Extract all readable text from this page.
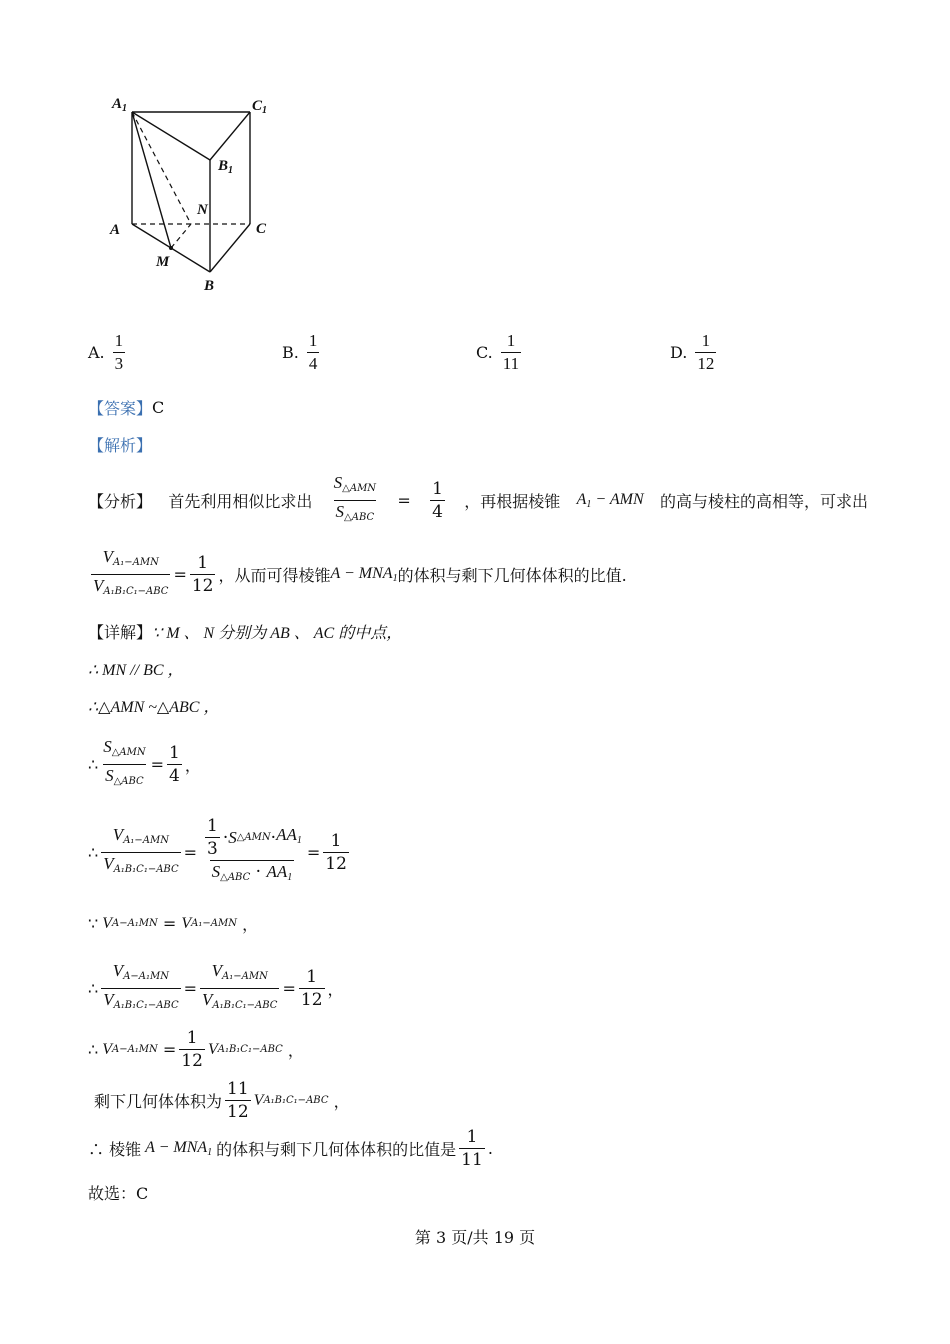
$A_1$	$C_1$
$B_1$
N
A	C
M
B
A. $\frac{1}{3}$	B. $\frac{1}{4}$	C. $\frac{1}{11}$	D. $\frac{1}{12}$
【答案】 C
【解析】
【分析】 首先利用相似比求出 $\frac{S_{\triangle AMN}}{S_{\triangle ABC}} = \frac{1}{4}$ ，再根据棱锥 $A_1$ − AMN 的高与棱柱的高相等，可求出
$\frac{V_{A_1-AMN}}{V_{A_1B_1C_1-ABC}} = \frac{1}{12}$ ，从而可得棱锥 $A - MNA_1$ 的体积与剩下几何体体积的比值.
【详解】 ∵ M 、 N 分别为 AB 、 AC 的中点，
∴ MN // BC ，
∴△AMN ~△ABC ，
∴ $\frac{S_{\triangle AMN}}{S_{\triangle ABC}} = \frac{1}{4}$ ，
∴ $\frac{V_{A_1-AMN}}{V_{A_1B_1C_1-ABC}} = \frac{\frac{1}{3} \cdot S \triangle AMN \cdot AA_1}{S_{\triangle ABC} \cdot AA_1} = \frac{1}{12}$
∵ V A−A₁MN = V A₁−AMN ，
∴ $\frac{V_{A-A_1MN}}{V_{A_1B_1C_1-ABC}} = \frac{V_{A_1-AMN}}{V_{A_1B_1C_1-ABC}} = \frac{1}{12}$ ，
∴ V $A-A_1MN = \frac{1}{12}$ V A₁B₁C₁−ABC ，
剩下几何体体积为 $\frac{11}{12}$ V A₁B₁C₁−ABC ，
∴ 棱锥 $A - MNA_1$ 的体积与剩下几何体体积的比值是 $\frac{1}{11}$ .
故选：C
第 3 页/共 19 页
